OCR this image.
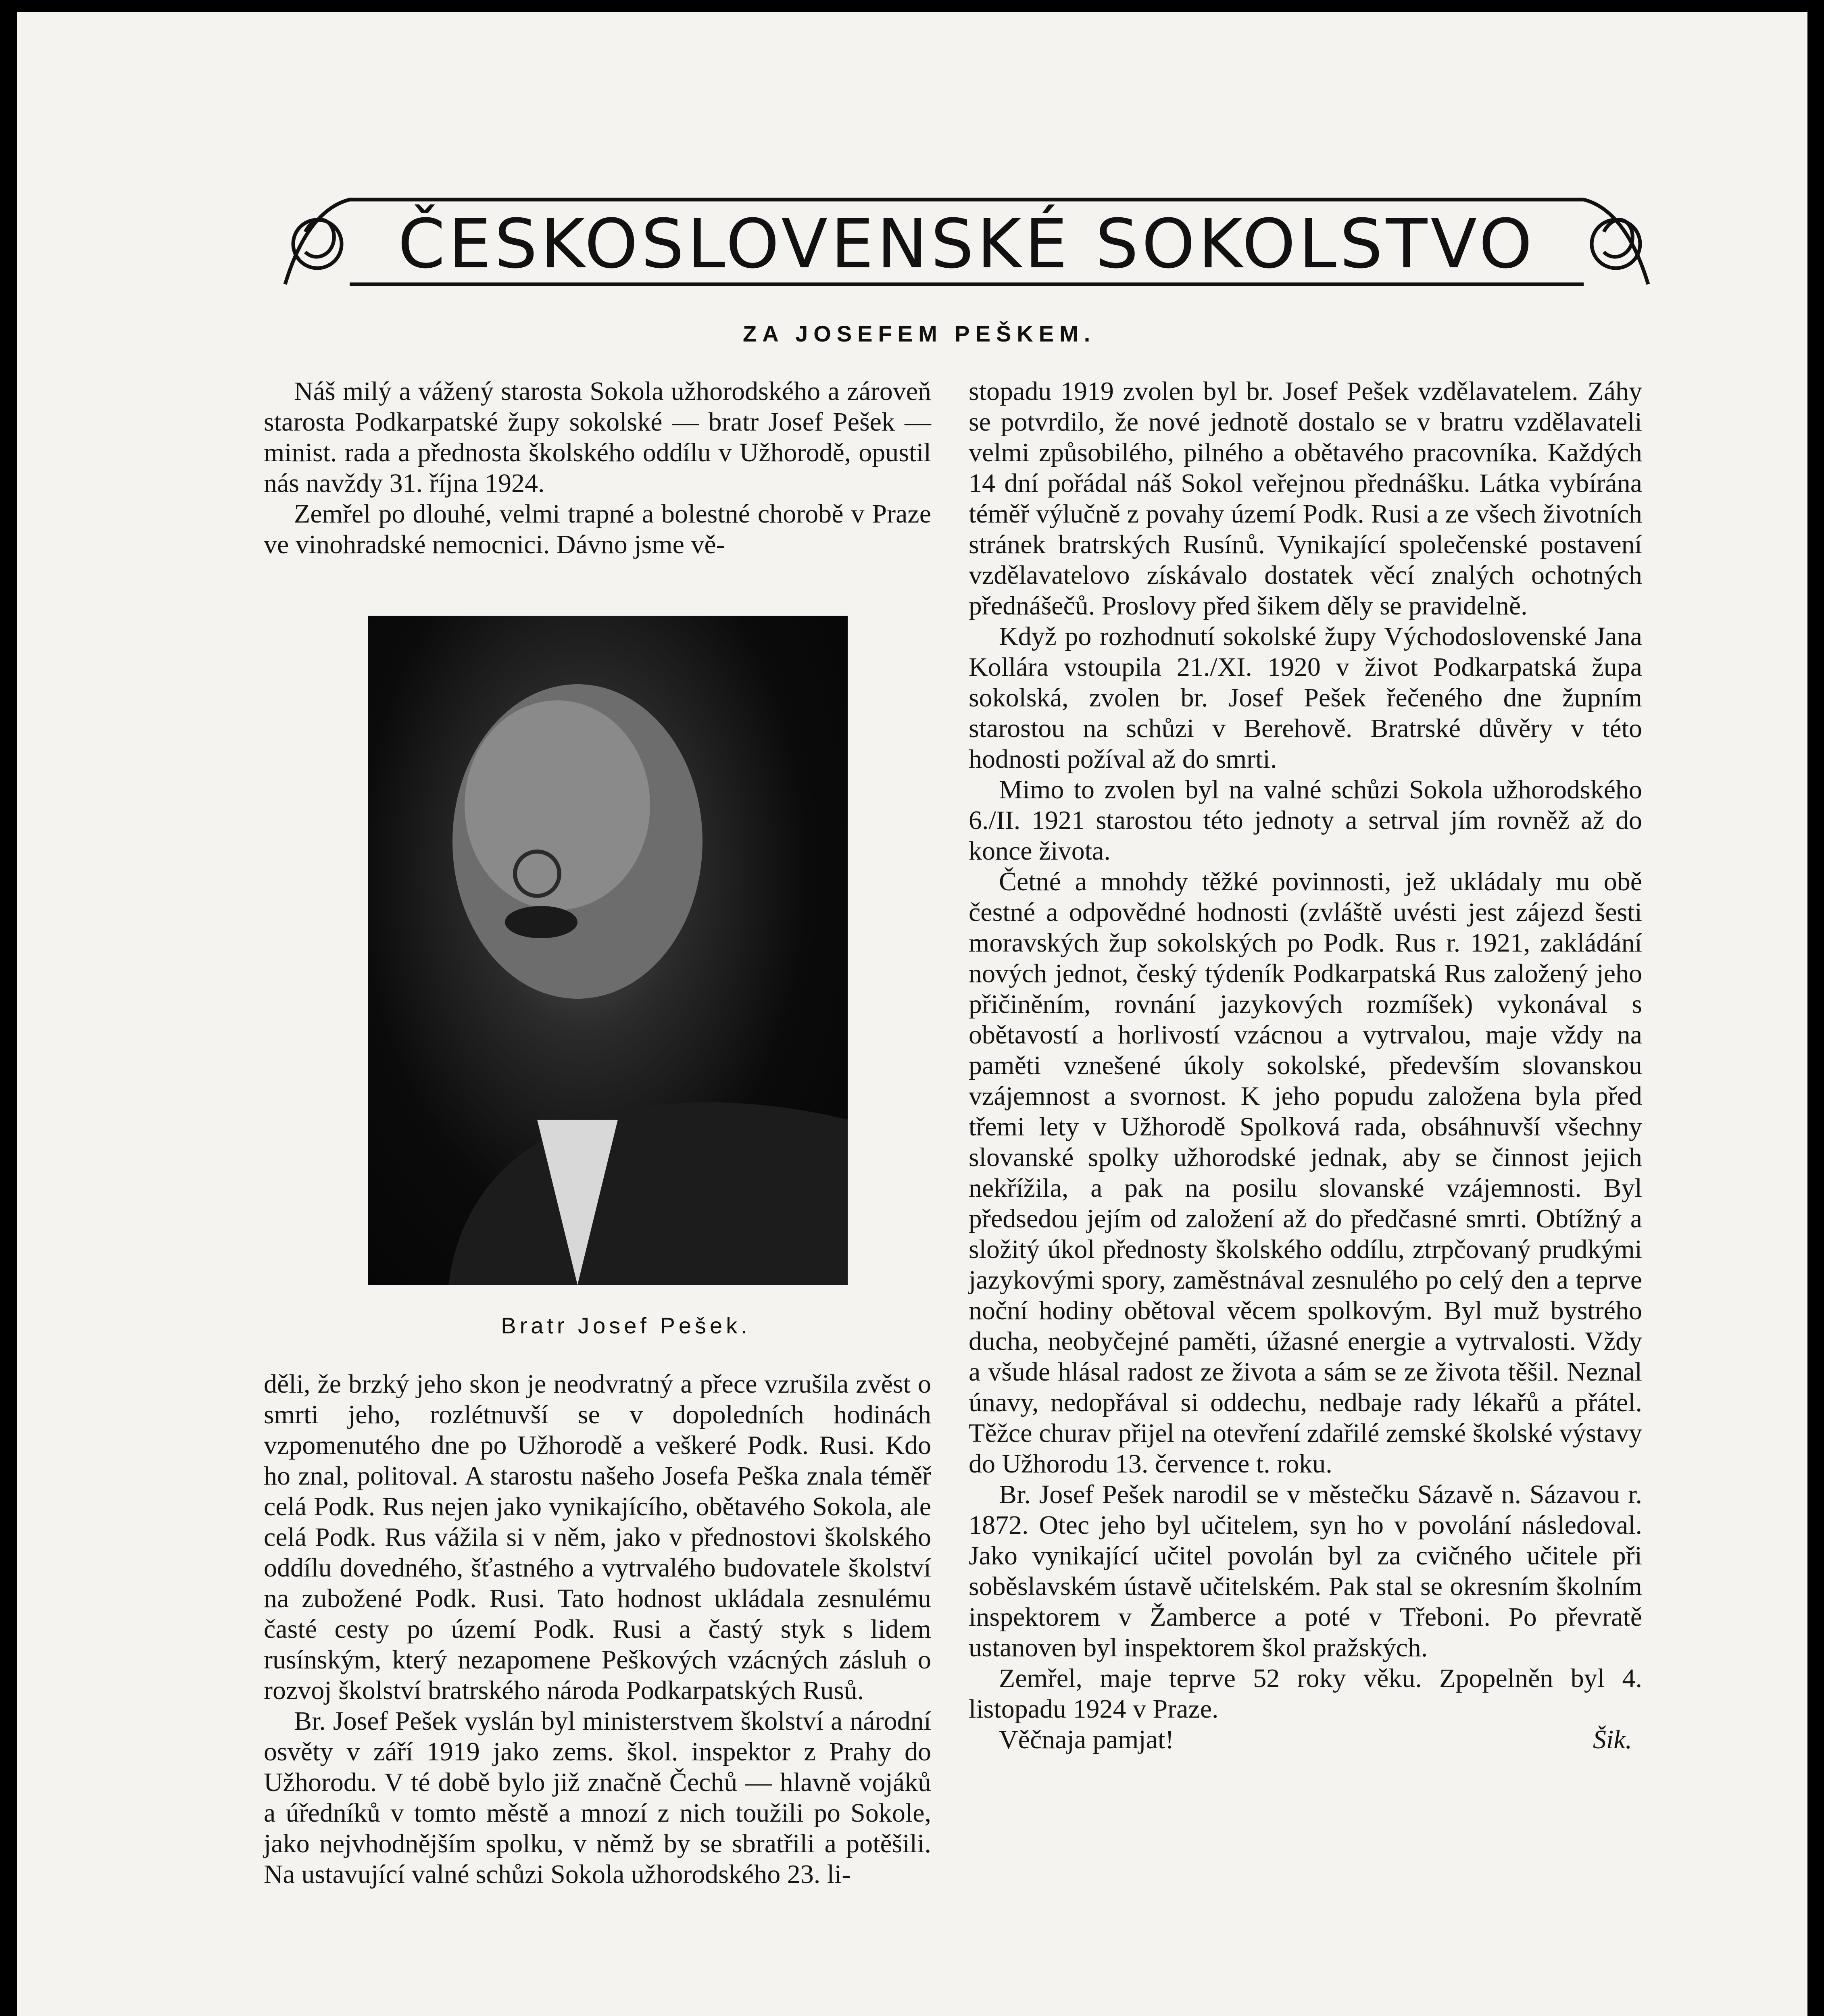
ČESKOSLOVENSKÉ SOKOLSTVO
ZA JOSEFEM PEŠKEM.

Náš milý a vážený starosta Sokola užhorodského a zároveň starosta Podkarpatské župy sokolské — bratr Josef Pešek — minist. rada a přednosta školského oddílu v Užhorodě, opustil nás navždy 31. října 1924.

Zemřel po dlouhé, velmi trapné a bolestné chorobě v Praze ve vinohradské nemocnici. Dávno jsme vě-

Bratr Josef Pešek.

děli, že brzký jeho skon je neodvratný a přece vzrušila zvěst o smrti jeho, rozlétnuvší se v dopoledních hodinách vzpomenutého dne po Užhorodě a veškeré Podk. Rusi. Kdo ho znal, politoval. A starostu našeho Josefa Peška znala téměř celá Podk. Rus nejen jako vynikajícího, obětavého Sokola, ale celá Podk. Rus vážila si v něm, jako v přednostovi školského oddílu dovedného, šťastného a vytrvalého budovatele školství na zubožené Podk. Rusi. Tato hodnost ukládala zesnulému časté cesty po území Podk. Rusi a častý styk s lidem rusínským, který nezapomene Peškových vzácných zásluh o rozvoj školství bratrského národa Podkarpatských Rusů.

Br. Josef Pešek vyslán byl ministerstvem školství a národní osvěty v září 1919 jako zems. škol. inspektor z Prahy do Užhorodu. V té době bylo již značně Čechů — hlavně vojáků a úředníků v tomto městě a mnozí z nich toužili po Sokole, jako nejvhodnějším spolku, v němž by se sbratřili a potěšili. Na ustavující valné schůzi Sokola užhorodského 23. li-

stopadu 1919 zvolen byl br. Josef Pešek vzdělavatelem. Záhy se potvrdilo, že nové jednotě dostalo se v bratru vzdělavateli velmi způsobilého, pilného a obětavého pracovníka. Každých 14 dní pořádal náš Sokol veřejnou přednášku. Látka vybírána téměř výlučně z povahy území Podk. Rusi a ze všech životních stránek bratrských Rusínů. Vynikající společenské postavení vzdělavatelovo získávalo dostatek věcí znalých ochotných přednášečů. Proslovy před šikem děly se pravidelně.

Když po rozhodnutí sokolské župy Východoslovenské Jana Kollára vstoupila 21./XI. 1920 v život Podkarpatská župa sokolská, zvolen br. Josef Pešek řečeného dne župním starostou na schůzi v Berehově. Bratrské důvěry v této hodnosti požíval až do smrti.

Mimo to zvolen byl na valné schůzi Sokola užhorodského 6./II. 1921 starostou této jednoty a setrval jím rovněž až do konce života.

Četné a mnohdy těžké povinnosti, jež ukládaly mu obě čestné a odpovědné hodnosti (zvláště uvésti jest zájezd šesti moravských žup sokolských po Podk. Rus r. 1921, zakládání nových jednot, český týdeník Podkarpatská Rus založený jeho přičiněním, rovnání jazykových rozmíšek) vykonával s obětavostí a horlivostí vzácnou a vytrvalou, maje vždy na paměti vznešené úkoly sokolské, především slovanskou vzájemnost a svornost. K jeho popudu založena byla před třemi lety v Užhorodě Spolková rada, obsáhnuvší všechny slovanské spolky užhorodské jednak, aby se činnost jejich nekřížila, a pak na posilu slovanské vzájemnosti. Byl předsedou jejím od založení až do předčasné smrti. Obtížný a složitý úkol přednosty školského oddílu, ztrpčovaný prudkými jazykovými spory, zaměstnával zesnulého po celý den a teprve noční hodiny obětoval věcem spolkovým. Byl muž bystrého ducha, neobyčejné paměti, úžasné energie a vytrvalosti. Vždy a všude hlásal radost ze života a sám se ze života těšil. Neznal únavy, nedopřával si oddechu, nedbaje rady lékařů a přátel. Těžce churav přijel na otevření zdařilé zemské školské výstavy do Užhorodu 13. července t. roku.

Br. Josef Pešek narodil se v městečku Sázavě n. Sázavou r. 1872. Otec jeho byl učitelem, syn ho v povolání následoval. Jako vynikající učitel povolán byl za cvičného učitele při soběslavském ústavě učitelském. Pak stal se okresním školním inspektorem v Žamberce a poté v Třeboni. Po převratě ustanoven byl inspektorem škol pražských.

Zemřel, maje teprve 52 roky věku. Zpopelněn byl 4. listopadu 1924 v Praze.

Věčnaja pamjat!	Šik.
